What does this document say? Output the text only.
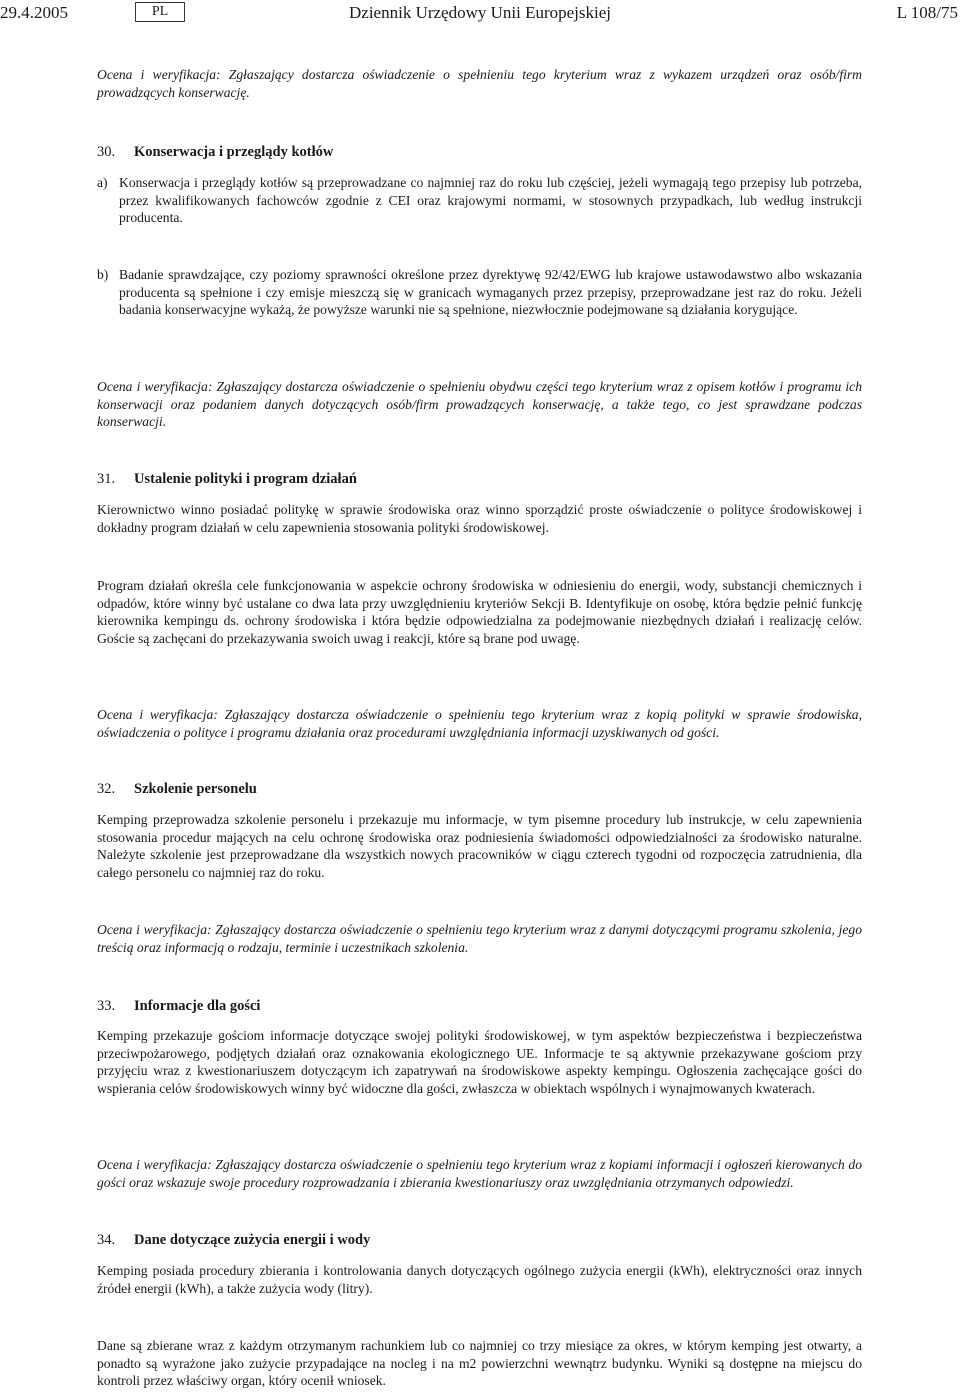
29.4.2005	PL	Dziennik Urzędowy Unii Europejskiej	L 108/75
Ocena i weryfikacja: Zgłaszający dostarcza oświadczenie o spełnieniu tego kryterium wraz z wykazem urządzeń oraz osób/firm prowadzących konserwację.
30. Konserwacja i przeglądy kotłów
a) Konserwacja i przeglądy kotłów są przeprowadzane co najmniej raz do roku lub częściej, jeżeli wymagają tego przepisy lub potrzeba, przez kwalifikowanych fachowców zgodnie z CEI oraz krajowymi normami, w stosownych przypadkach, lub według instrukcji producenta.
b) Badanie sprawdzające, czy poziomy sprawności określone przez dyrektywę 92/42/EWG lub krajowe ustawodawstwo albo wskazania producenta są spełnione i czy emisje mieszczą się w granicach wymaganych przez przepisy, przeprowadzane jest raz do roku. Jeżeli badania konserwacyjne wykażą, że powyższe warunki nie są spełnione, niezwłocznie podejmowane są działania korygujące.
Ocena i weryfikacja: Zgłaszający dostarcza oświadczenie o spełnieniu obydwu części tego kryterium wraz z opisem kotłów i programu ich konserwacji oraz podaniem danych dotyczących osób/firm prowadzących konserwację, a także tego, co jest sprawdzane podczas konserwacji.
31. Ustalenie polityki i program działań
Kierownictwo winno posiadać politykę w sprawie środowiska oraz winno sporządzić proste oświadczenie o polityce środowiskowej i dokładny program działań w celu zapewnienia stosowania polityki środowiskowej.
Program działań określa cele funkcjonowania w aspekcie ochrony środowiska w odniesieniu do energii, wody, substancji chemicznych i odpadów, które winny być ustalane co dwa lata przy uwzględnieniu kryteriów Sekcji B. Identyfikuje on osobę, która będzie pełnić funkcję kierownika kempingu ds. ochrony środowiska i która będzie odpowiedzialna za podejmowanie niezbędnych działań i realizację celów. Goście są zachęcani do przekazywania swoich uwag i reakcji, które są brane pod uwagę.
Ocena i weryfikacja: Zgłaszający dostarcza oświadczenie o spełnieniu tego kryterium wraz z kopią polityki w sprawie środowiska, oświadczenia o polityce i programu działania oraz procedurami uwzględniania informacji uzyskiwanych od gości.
32. Szkolenie personelu
Kemping przeprowadza szkolenie personelu i przekazuje mu informacje, w tym pisemne procedury lub instrukcje, w celu zapewnienia stosowania procedur mających na celu ochronę środowiska oraz podniesienia świadomości odpowiedzialności za środowisko naturalne. Należyte szkolenie jest przeprowadzane dla wszystkich nowych pracowników w ciągu czterech tygodni od rozpoczęcia zatrudnienia, dla całego personelu co najmniej raz do roku.
Ocena i weryfikacja: Zgłaszający dostarcza oświadczenie o spełnieniu tego kryterium wraz z danymi dotyczącymi programu szkolenia, jego treścią oraz informacją o rodzaju, terminie i uczestnikach szkolenia.
33. Informacje dla gości
Kemping przekazuje gościom informacje dotyczące swojej polityki środowiskowej, w tym aspektów bezpieczeństwa i bezpieczeństwa przeciwpożarowego, podjętych działań oraz oznakowania ekologicznego UE. Informacje te są aktywnie przekazywane gościom przy przyjęciu wraz z kwestionariuszem dotyczącym ich zapatrywań na środowiskowe aspekty kempingu. Ogłoszenia zachęcające gości do wspierania celów środowiskowych winny być widoczne dla gości, zwłaszcza w obiektach wspólnych i wynajmowanych kwaterach.
Ocena i weryfikacja: Zgłaszający dostarcza oświadczenie o spełnieniu tego kryterium wraz z kopiami informacji i ogłoszeń kierowanych do gości oraz wskazuje swoje procedury rozprowadzania i zbierania kwestionariuszy oraz uwzględniania otrzymanych odpowiedzi.
34. Dane dotyczące zużycia energii i wody
Kemping posiada procedury zbierania i kontrolowania danych dotyczących ogólnego zużycia energii (kWh), elektryczności oraz innych źródeł energii (kWh), a także zużycia wody (litry).
Dane są zbierane wraz z każdym otrzymanym rachunkiem lub co najmniej co trzy miesiące za okres, w którym kemping jest otwarty, a ponadto są wyrażone jako zużycie przypadające na nocleg i na m2 powierzchni wewnątrz budynku. Wyniki są dostępne na miejscu do kontroli przez właściwy organ, który ocenił wniosek.
